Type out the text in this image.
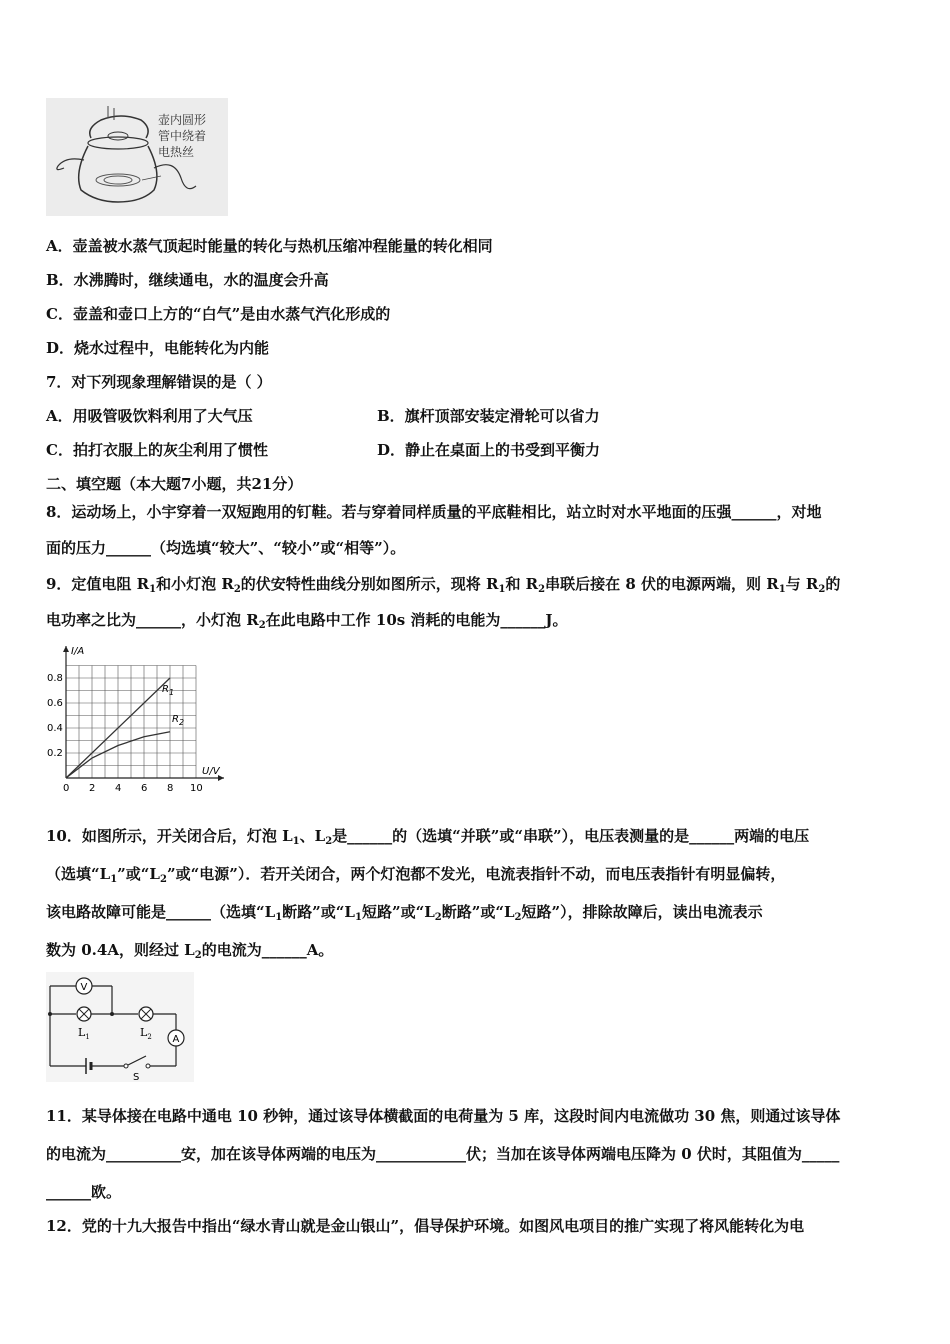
壶内圆形
管中绕着
电热丝
A．壶盖被水蒸气顶起时能量的转化与热机压缩冲程能量的转化相同
B．水沸腾时，继续通电，水的温度会升高
C．壶盖和壶口上方的“白气”是由水蒸气汽化形成的
D．烧水过程中，电能转化为内能
7．对下列现象理解错误的是（ ）
A．用吸管吸饮料利用了大气压	B．旗杆顶部安装定滑轮可以省力
C．拍打衣服上的灰尘利用了惯性	D．静止在桌面上的书受到平衡力
二、填空题（本大题7小题，共21分）
8．运动场上，小宇穿着一双短跑用的钉鞋。若与穿着同样质量的平底鞋相比，站立时对水平地面的压强______，对地
面的压力______（均选填“较大”、“较小”或“相等”）。
9．定值电阻 $R_1$和小灯泡 $R_2$的伏安特性曲线分别如图所示，现将 $R_1$和 $R_2$串联后接在 8 伏的电源两端，则 $R_1$与 $R_2$的
电功率之比为______，小灯泡 $R_2$在此电路中工作 10s 消耗的电能为______J。
I/A
U/V
0.8
0.6
0.4
0.2
0 2 4 6 8 10
$R_1$
$R_2$
10．如图所示，开关闭合后，灯泡 $L_1$、$L_2$是______的（选填“并联”或“串联”），电压表测量的是______两端的电压
（选填“$L_1$”或“$L_2$”或“电源”）．若开关闭合，两个灯泡都不发光，电流表指针不动，而电压表指针有明显偏转，
该电路故障可能是______（选填“$L_1$断路”或“$L_1$短路”或“$L_2$断路”或“$L_2$短路”），排除故障后，读出电流表示
数为 0.4A，则经过 $L_2$的电流为______A。
V
A
$L_1$	$L_2$
S
11．某导体接在电路中通电 10 秒钟，通过该导体横截面的电荷量为 5 库，这段时间内电流做功 30 焦，则通过该导体
的电流为__________安，加在该导体两端的电压为____________伏；当加在该导体两端电压降为 0 伏时，其阻值为_____
______欧。
12．党的十九大报告中指出“绿水青山就是金山银山”，倡导保护环境。如图风电项目的推广实现了将风能转化为电
